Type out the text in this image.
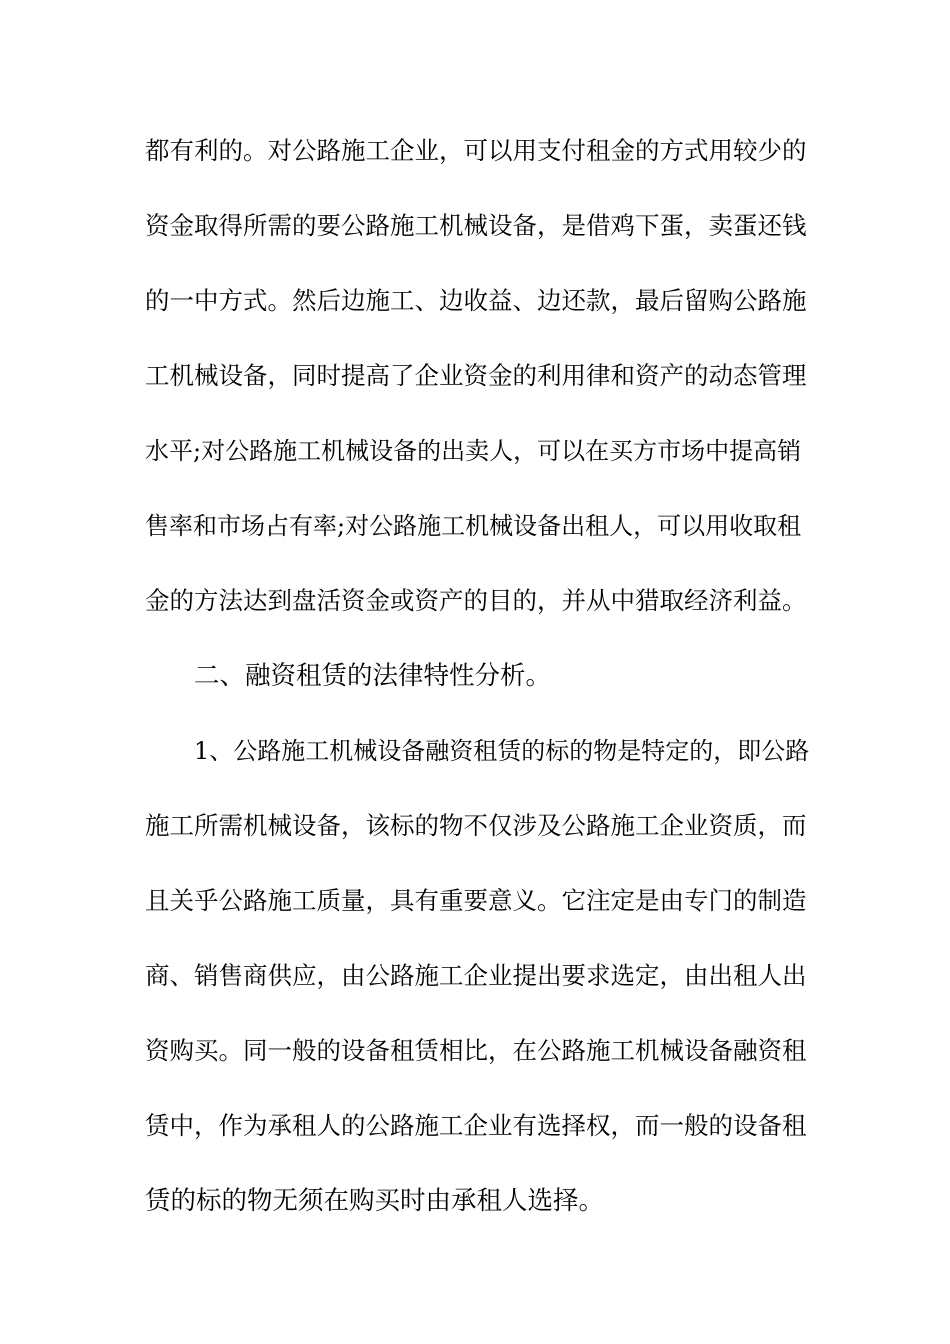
都有利的。对公路施工企业，可以用支付租金的方式用较少的
资金取得所需的要公路施工机械设备，是借鸡下蛋，卖蛋还钱
的一中方式。然后边施工、边收益、边还款，最后留购公路施
工机械设备，同时提高了企业资金的利用律和资产的动态管理
水平;对公路施工机械设备的出卖人，可以在买方市场中提高销
售率和市场占有率;对公路施工机械设备出租人，可以用收取租
金的方法达到盘活资金或资产的目的，并从中猎取经济利益。
二、融资租赁的法律特性分析。
1、公路施工机械设备融资租赁的标的物是特定的，即公路
施工所需机械设备，该标的物不仅涉及公路施工企业资质，而
且关乎公路施工质量，具有重要意义。它注定是由专门的制造
商、销售商供应，由公路施工企业提出要求选定，由出租人出
资购买。同一般的设备租赁相比，在公路施工机械设备融资租
赁中，作为承租人的公路施工企业有选择权，而一般的设备租
赁的标的物无须在购买时由承租人选择。
